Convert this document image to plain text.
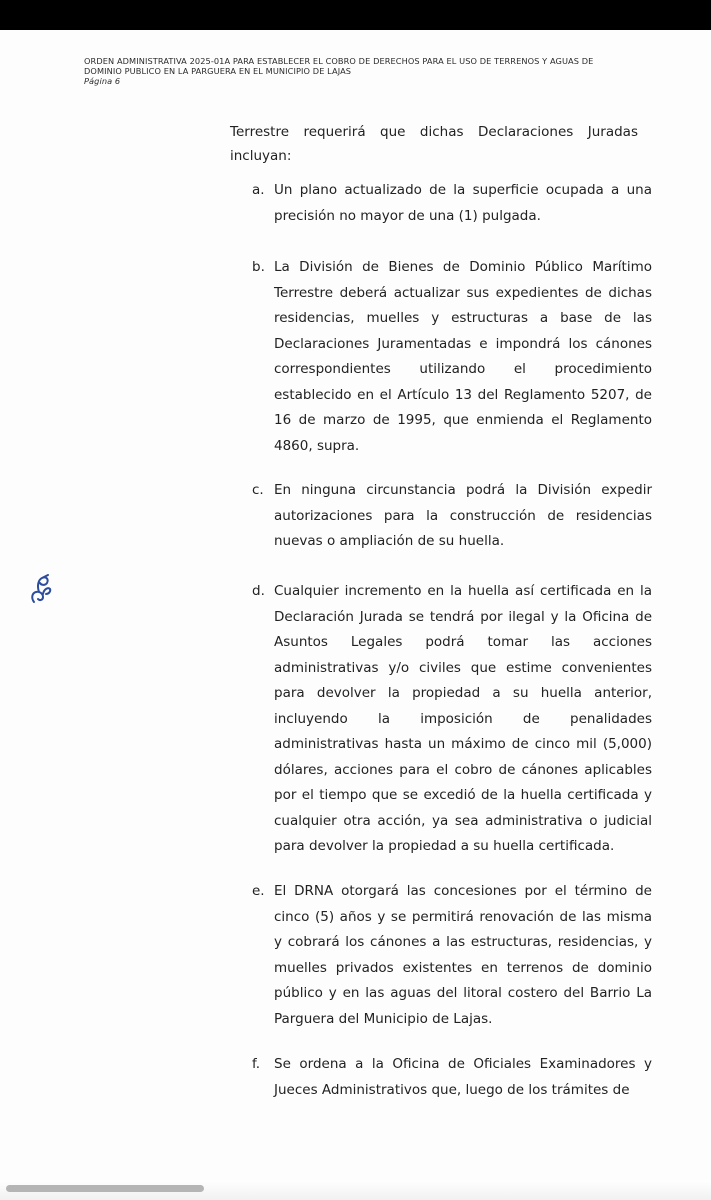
ORDEN ADMINISTRATIVA 2025-01A PARA ESTABLECER EL COBRO DE DERECHOS PARA EL USO DE TERRENOS Y AGUAS DE
DOMINIO PUBLICO EN LA PARGUERA EN EL MUNICIPIO DE LAJAS
Página 6
Terrestre requerirá que dichas Declaraciones Juradas incluyan:
a. Un plano actualizado de la superficie ocupada a una precisión no mayor de una (1) pulgada.
b. La División de Bienes de Dominio Público Marítimo Terrestre deberá actualizar sus expedientes de dichas residencias, muelles y estructuras a base de las Declaraciones Juramentadas e impondrá los cánones correspondientes utilizando el procedimiento establecido en el Artículo 13 del Reglamento 5207, de 16 de marzo de 1995, que enmienda el Reglamento 4860, supra.
c. En ninguna circunstancia podrá la División expedir autorizaciones para la construcción de residencias nuevas o ampliación de su huella.
d. Cualquier incremento en la huella así certificada en la Declaración Jurada se tendrá por ilegal y la Oficina de Asuntos Legales podrá tomar las acciones administrativas y/o civiles que estime convenientes para devolver la propiedad a su huella anterior, incluyendo la imposición de penalidades administrativas hasta un máximo de cinco mil (5,000) dólares, acciones para el cobro de cánones aplicables por el tiempo que se excedió de la huella certificada y cualquier otra acción, ya sea administrativa o judicial para devolver la propiedad a su huella certificada.
e. El DRNA otorgará las concesiones por el término de cinco (5) años y se permitirá renovación de las misma y cobrará los cánones a las estructuras, residencias, y muelles privados existentes en terrenos de dominio público y en las aguas del litoral costero del Barrio La Parguera del Municipio de Lajas.
f.	Se ordena a la Oficina de Oficiales Examinadores y Jueces Administrativos que, luego de los trámites de
